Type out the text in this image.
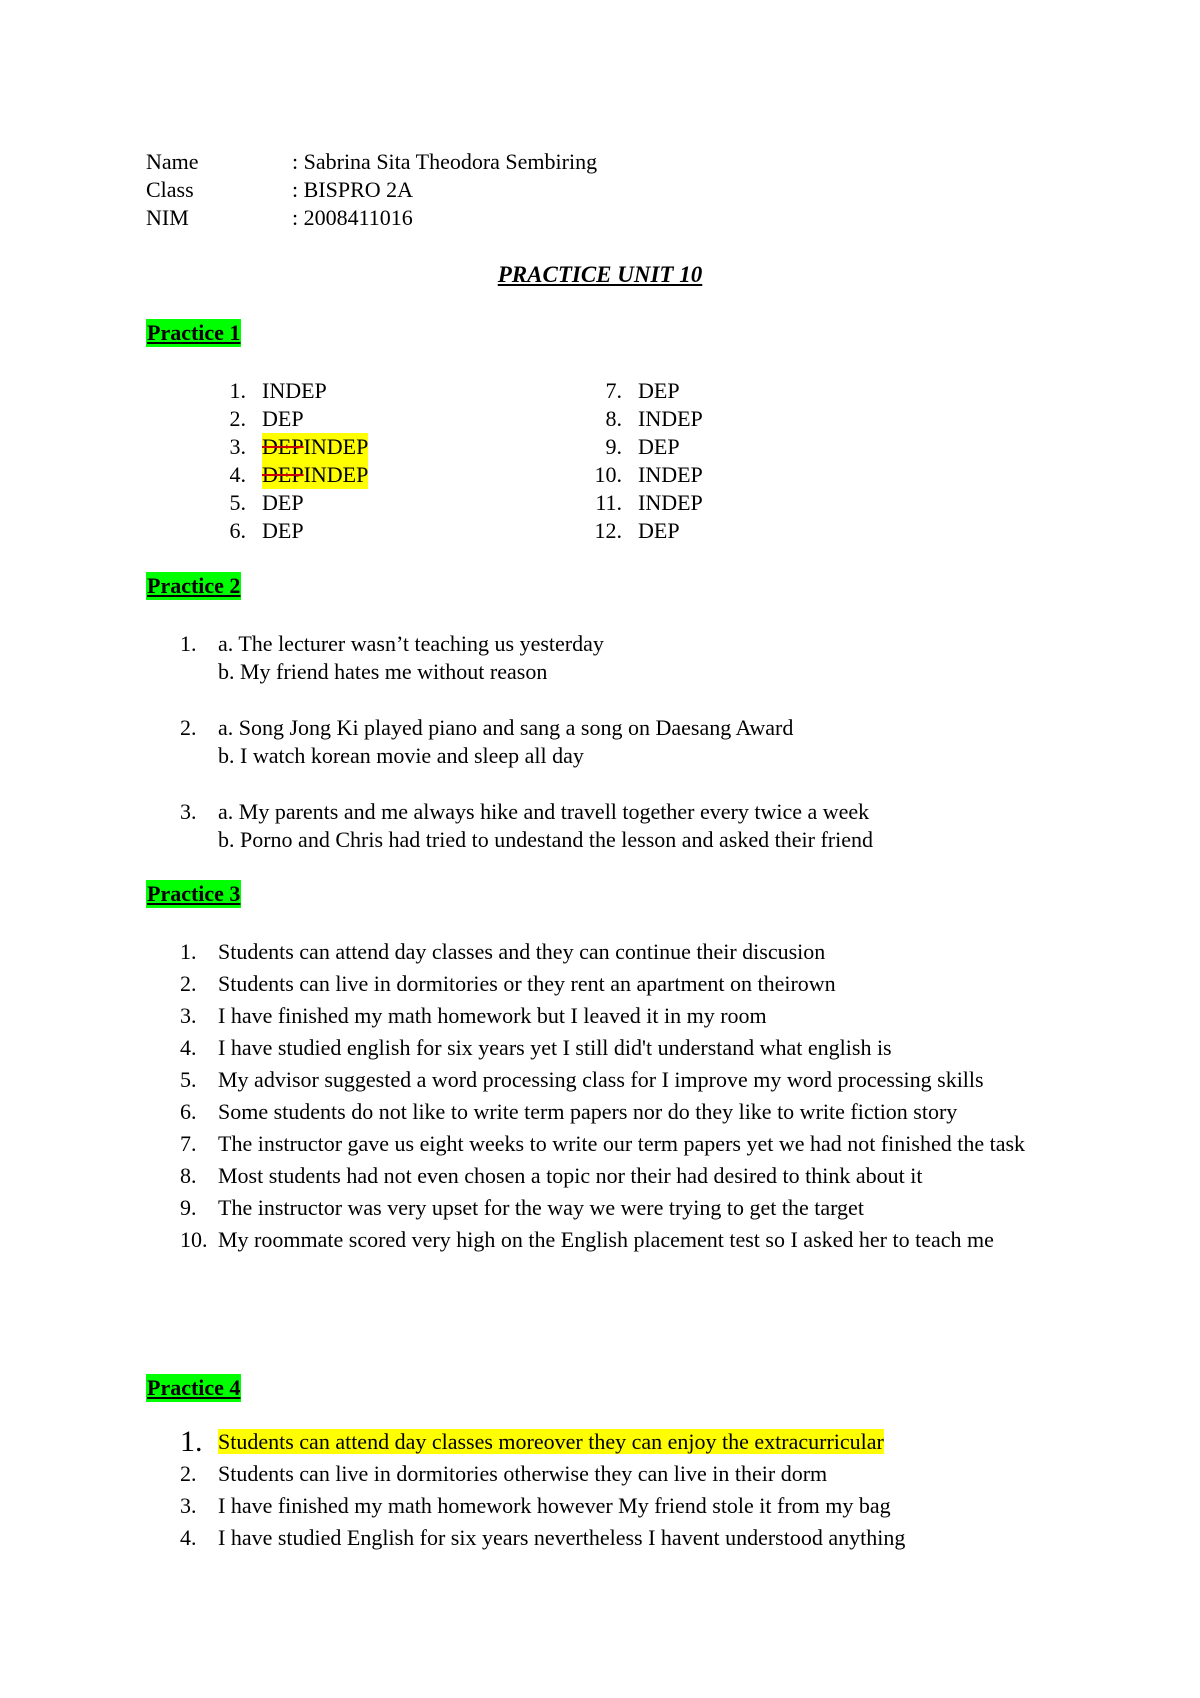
Name	: Sabrina Sita Theodora Sembiring
Class	: BISPRO 2A
NIM	: 2008411016
PRACTICE UNIT 10
Practice 1
1. INDEP
2. DEP
3. DEPINDEP
4. DEPINDEP
5. DEP
6. DEP
7. DEP
8. INDEP
9. DEP
10. INDEP
11. INDEP
12. DEP
Practice 2
1. a. The lecturer wasn’t teaching us yesterday
b. My friend hates me without reason
2. a. Song Jong Ki played piano and sang a song on Daesang Award
b. I watch korean movie and sleep all day
3. a. My parents and me always hike and travell together every twice a week
b. Porno and Chris had tried to undestand the lesson and asked their friend
Practice 3
1. Students can attend day classes and they can continue their discusion
2. Students can live in dormitories or they rent an apartment on theirown
3. I have finished my math homework but I leaved it in my room
4. I have studied english for six years yet I still did't understand what english is
5. My advisor suggested a word processing class for I improve my word processing skills
6. Some students do not like to write term papers nor do they like to write fiction story
7. The instructor gave us eight weeks to write our term papers yet we had not finished the task
8. Most students had not even chosen a topic nor their had desired to think about it
9. The instructor was very upset for the way we were trying to get the target
10. My roommate scored very high on the English placement test so I asked her to teach me
Practice 4
1. Students can attend day classes moreover they can enjoy the extracurricular
2. Students can live in dormitories otherwise they can live in their dorm
3. I have finished my math homework however My friend stole it from my bag
4. I have studied English for six years nevertheless I havent understood anything
